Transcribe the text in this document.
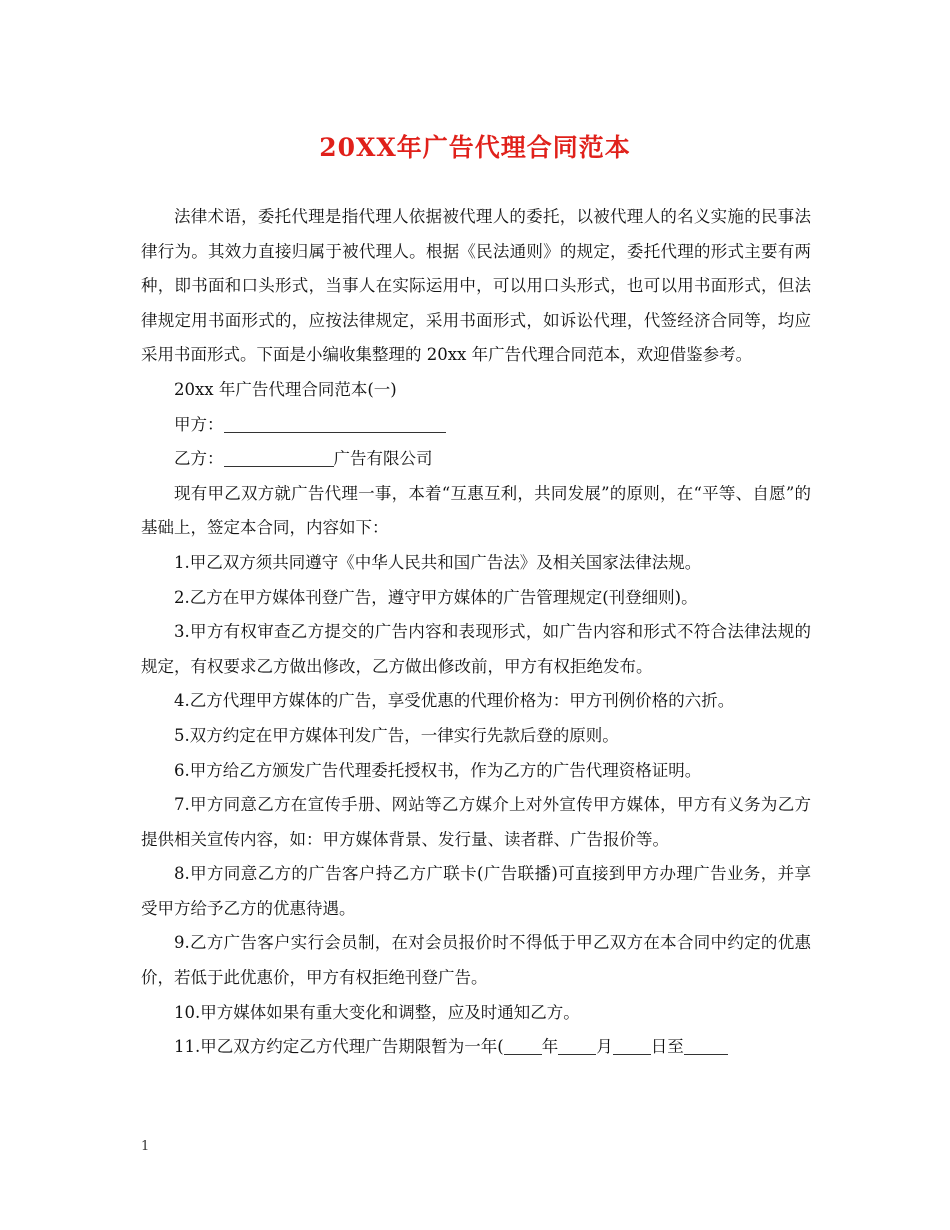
20XX年广告代理合同范本

法律术语，委托代理是指代理人依据被代理人的委托，以被代理人的名义实施的民事法律行为。其效力直接归属于被代理人。根据《民法通则》的规定，委托代理的形式主要有两种，即书面和口头形式，当事人在实际运用中，可以用口头形式，也可以用书面形式，但法律规定用书面形式的，应按法律规定，采用书面形式，如诉讼代理，代签经济合同等，均应采用书面形式。下面是小编收集整理的 20xx 年广告代理合同范本，欢迎借鉴参考。

20xx 年广告代理合同范本(一)

甲方：

乙方：	广告有限公司

现有甲乙双方就广告代理一事，本着“互惠互利，共同发展”的原则，在“平等、自愿”的基础上，签定本合同，内容如下：

1.甲乙双方须共同遵守《中华人民共和国广告法》及相关国家法律法规。

2.乙方在甲方媒体刊登广告，遵守甲方媒体的广告管理规定(刊登细则)。

3.甲方有权审查乙方提交的广告内容和表现形式，如广告内容和形式不符合法律法规的规定，有权要求乙方做出修改，乙方做出修改前，甲方有权拒绝发布。

4.乙方代理甲方媒体的广告，享受优惠的代理价格为：甲方刊例价格的六折。

5.双方约定在甲方媒体刊发广告，一律实行先款后登的原则。

6.甲方给乙方颁发广告代理委托授权书，作为乙方的广告代理资格证明。

7.甲方同意乙方在宣传手册、网站等乙方媒介上对外宣传甲方媒体，甲方有义务为乙方提供相关宣传内容，如：甲方媒体背景、发行量、读者群、广告报价等。

8.甲方同意乙方的广告客户持乙方广联卡(广告联播)可直接到甲方办理广告业务，并享受甲方给予乙方的优惠待遇。

9.乙方广告客户实行会员制，在对会员报价时不得低于甲乙双方在本合同中约定的优惠价，若低于此优惠价，甲方有权拒绝刊登广告。

10.甲方媒体如果有重大变化和调整，应及时通知乙方。

11.甲乙双方约定乙方代理广告期限暂为一年( 年 月 日至

1
